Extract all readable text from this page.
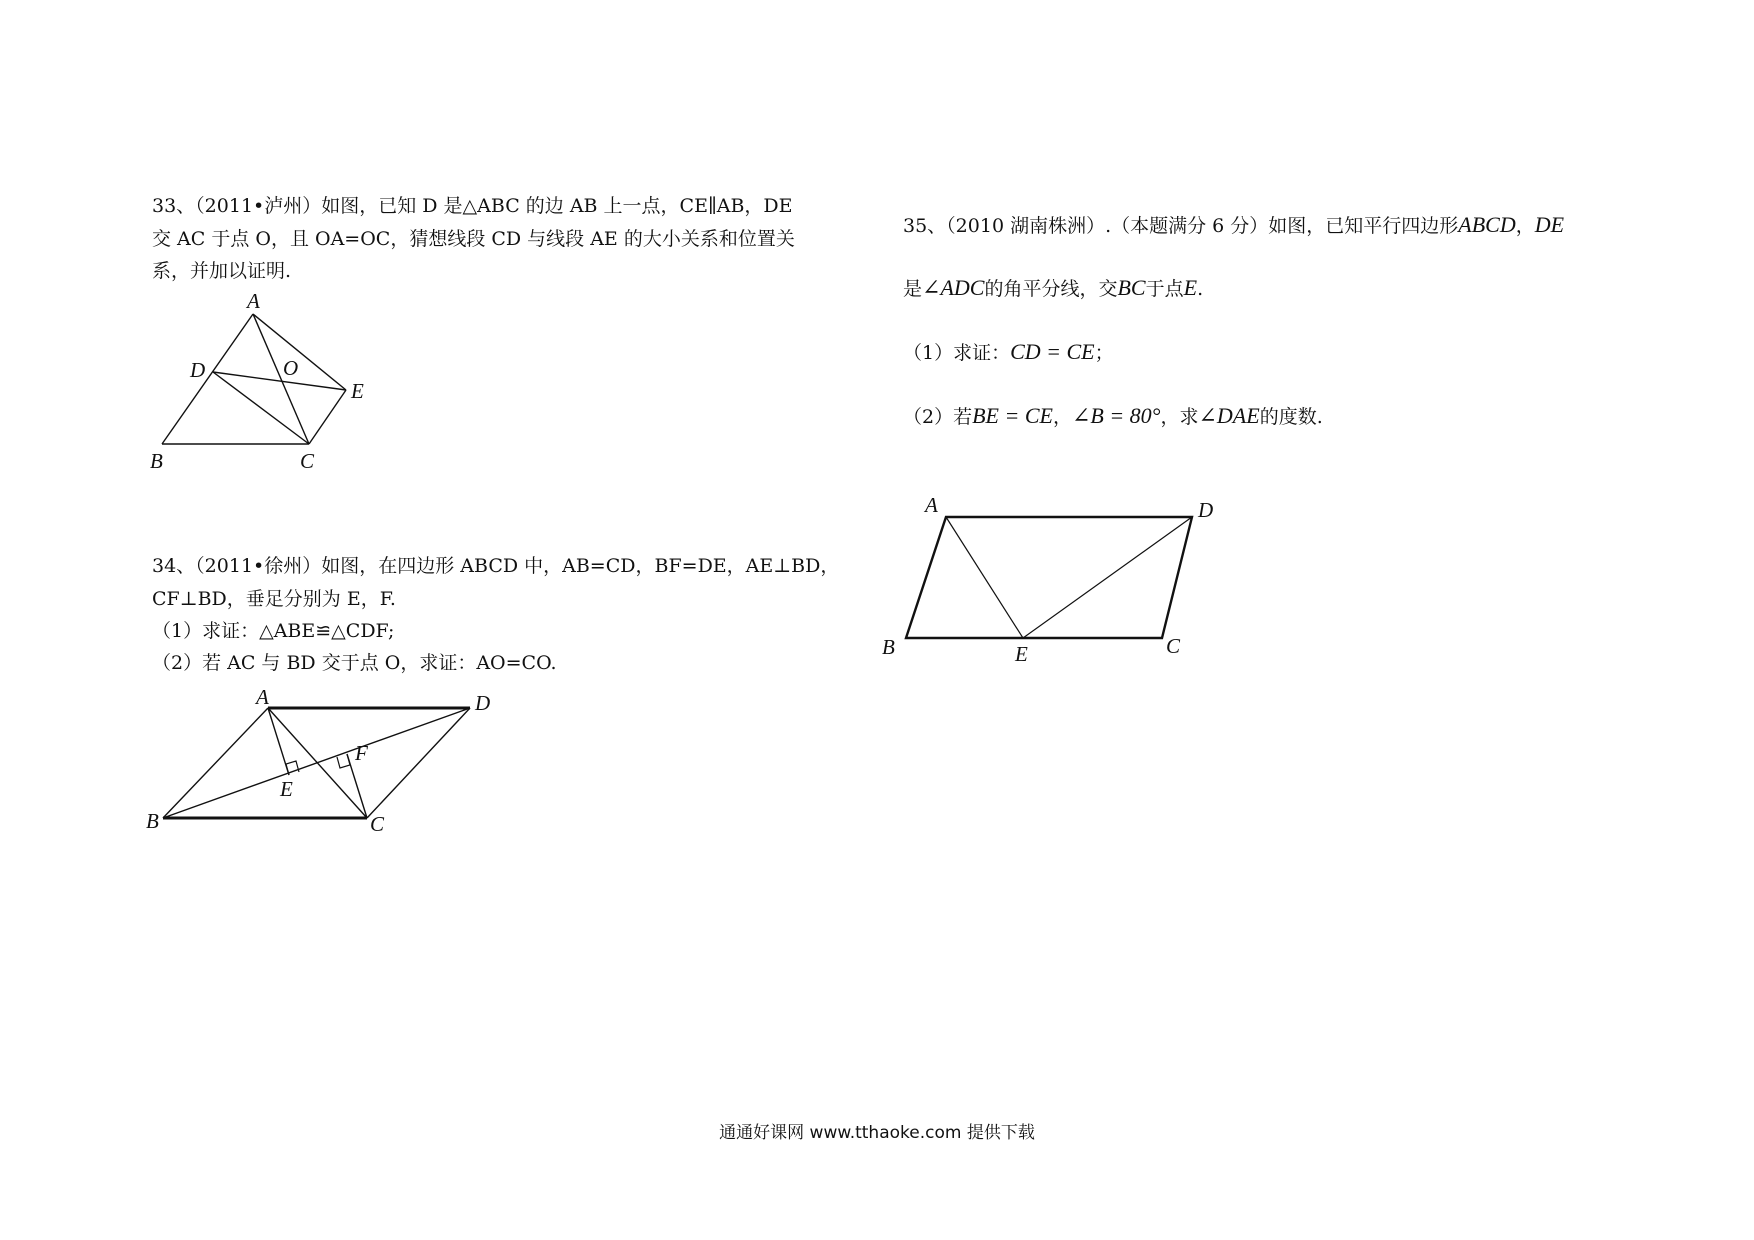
33、（2011•泸州）如图，已知 D 是△ABC 的边 AB 上一点，CE∥AB，DE
交 AC 于点 O，且 OA=OC，猜想线段 CD 与线段 AE 的大小关系和位置关
系，并加以证明.
A
B	C
D
E
O
34、（2011•徐州）如图，在四边形 ABCD 中，AB=CD，BF=DE，AE⊥BD，
CF⊥BD，垂足分别为 E，F.
（1）求证：△ABE≌△CDF;
（2）若 AC 与 BD 交于点 O，求证：AO=CO.
A
B	C
D
E
F
35、（2010 湖南株洲）.（本题满分 6 分）如图，已知平行四边形ABCD，DE
是∠ADC的角平分线，交BC于点E.
（1）求证：CD = CE；
（2）若BE = CE，∠B = 80°，求∠DAE的度数.
A
B	C
D
E
通通好课网 www.tthaoke.com 提供下载
